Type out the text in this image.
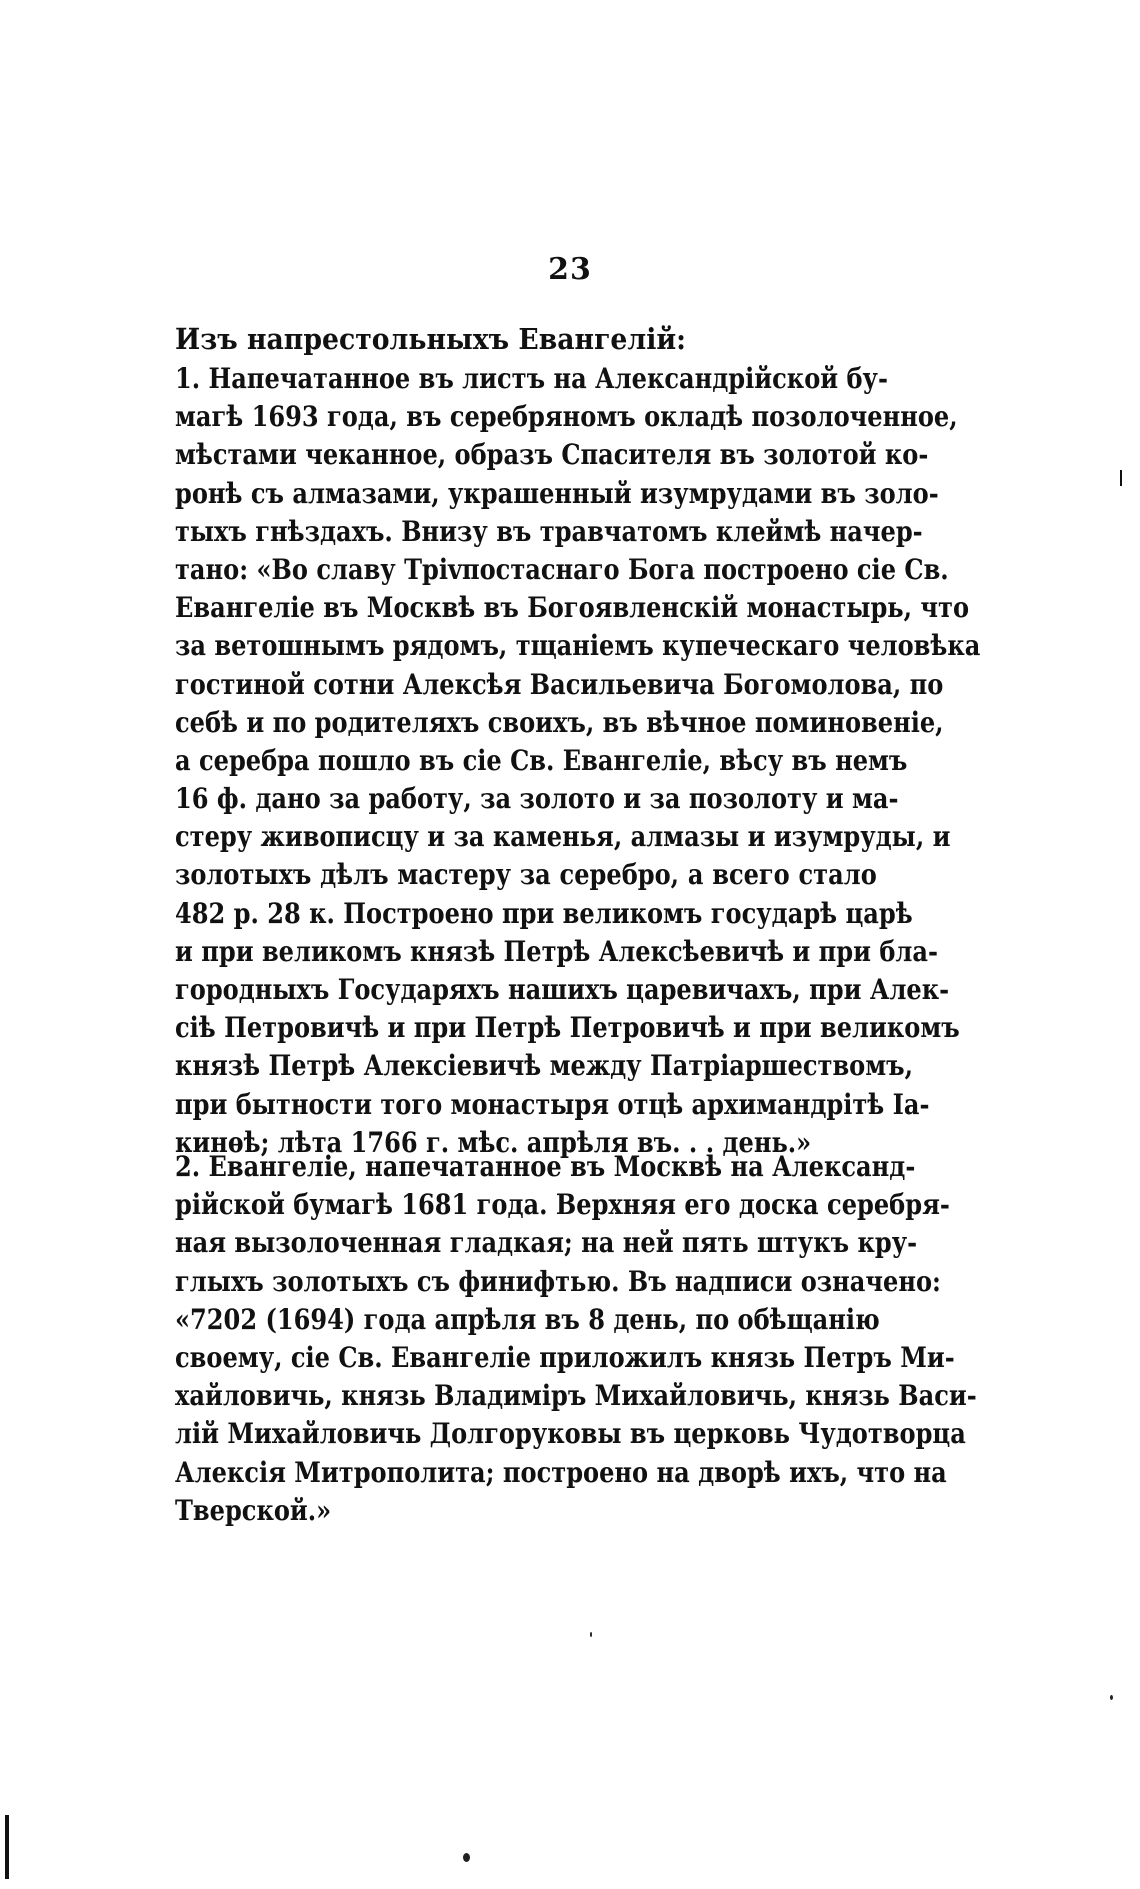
23
Изъ напрестольныхъ Евангелій:
1. Напечатанное въ листъ на Александрійской бу-
магѣ 1693 года, въ серебряномъ окладѣ позолоченное,
мѣстами чеканное, образъ Спасителя въ золотой ко-
ронѣ съ алмазами, украшенный изумрудами въ золо-
тыхъ гнѣздахъ. Внизу въ травчатомъ клеймѣ начер-
тано: «Во славу Тріvпостаснаго Бога построено сіе Св.
Евангеліе въ Москвѣ въ Богоявленскій монастырь, что
за ветошнымъ рядомъ, тщаніемъ купеческаго человѣка
гостиной сотни Алексѣя Васильевича Богомолова, по
себѣ и по родителяхъ своихъ, въ вѣчное поминовеніе,
а серебра пошло въ сіе Св. Евангеліе, вѣсу въ немъ
16 ф. дано за работу, за золото и за позолоту и ма-
стеру живописцу и за каменья, алмазы и изумруды, и
золотыхъ дѣлъ мастеру за серебро, а всего стало
482 р. 28 к. Построено при великомъ государѣ царѣ
и при великомъ князѣ Петрѣ Алексѣевичѣ и при бла-
городныхъ Государяхъ нашихъ царевичахъ, при Алек-
сіѣ Петровичѣ и при Петрѣ Петровичѣ и при великомъ
князѣ Петрѣ Алексіевичѣ между Патріаршествомъ,
при бытности того монастыря отцѣ архимандрітѣ Іа-
кинѳѣ; лѣта 1766 г. мѣс. апрѣля въ. . . день.»
2. Евангеліе, напечатанное въ Москвѣ на Александ-
рійской бумагѣ 1681 года. Верхняя его доска серебря-
ная вызолоченная гладкая; на ней пять штукъ кру-
глыхъ золотыхъ съ финифтью. Въ надписи означено:
«7202 (1694) года апрѣля въ 8 день, по обѣщанію
своему, сіе Св. Евангеліе приложилъ князь Петръ Ми-
хайловичь, князь Владиміръ Михайловичь, князь Васи-
лій Михайловичь Долгоруковы въ церковь Чудотворца
Алексія Митрополита; построено на дворѣ ихъ, что на
Тверской.»
